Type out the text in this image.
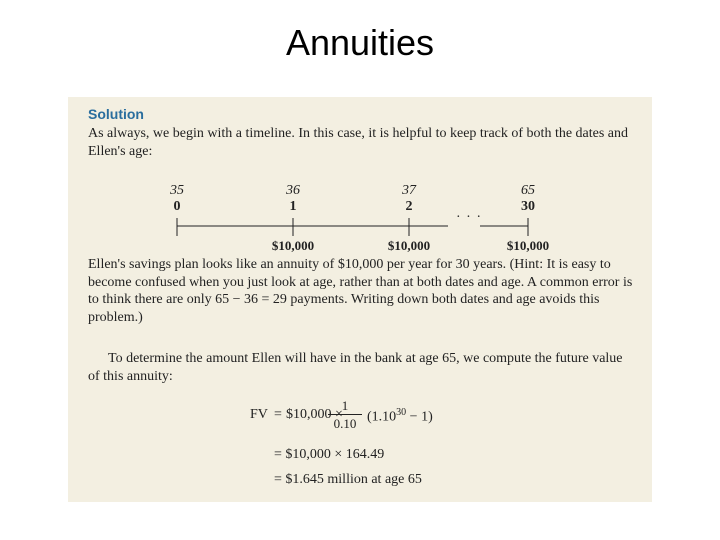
Annuities
Solution

As always, we begin with a timeline. In this case, it is helpful to keep track of both the dates and Ellen's age:

35	36	37	65
0	1	2	30
· · ·
$10,000	$10,000	$10,000

Ellen's savings plan looks like an annuity of $10,000 per year for 30 years. (Hint: It is easy to become confused when you just look at age, rather than at both dates and age. A common error is to think there are only 65 − 36 = 29 payments. Writing down both dates and age avoids this problem.)

To determine the amount Ellen will have in the bank at age 65, we compute the future value of this annuity:

FV = $10,000 ×
1
0.10 $(1.10^{30} - 1)$
= $10,000 × 164.49
= $1.645 million at age 65
